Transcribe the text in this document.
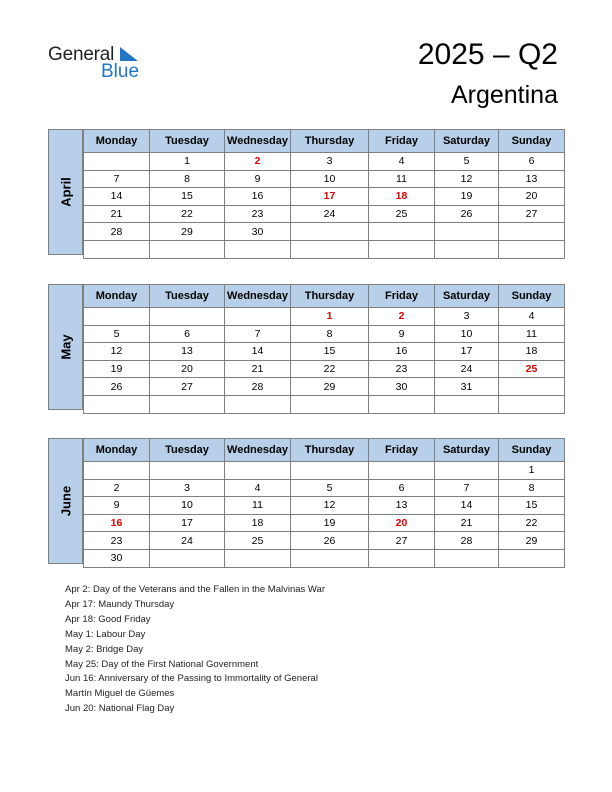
General
Blue
2025 – Q2
Argentina
April
Monday	Tuesday	Wednesday	Thursday	Friday	Saturday	Sunday
	1	2	3	4	5	6
7	8	9	10	11	12	13
14	15	16	17	18	19	20
21	22	23	24	25	26	27
28	29	30				

May
Monday	Tuesday	Wednesday	Thursday	Friday	Saturday	Sunday
			1	2	3	4
5	6	7	8	9	10	11
12	13	14	15	16	17	18
19	20	21	22	23	24	25
26	27	28	29	30	31	

June
Monday	Tuesday	Wednesday	Thursday	Friday	Saturday	Sunday
						1
2	3	4	5	6	7	8
9	10	11	12	13	14	15
16	17	18	19	20	21	22
23	24	25	26	27	28	29
30						
Apr 2: Day of the Veterans and the Fallen in the Malvinas War
Apr 17: Maundy Thursday
Apr 18: Good Friday
May 1: Labour Day
May 2: Bridge Day
May 25: Day of the First National Government
Jun 16: Anniversary of the Passing to Immortality of General
Martín Miguel de Güemes
Jun 20: National Flag Day
